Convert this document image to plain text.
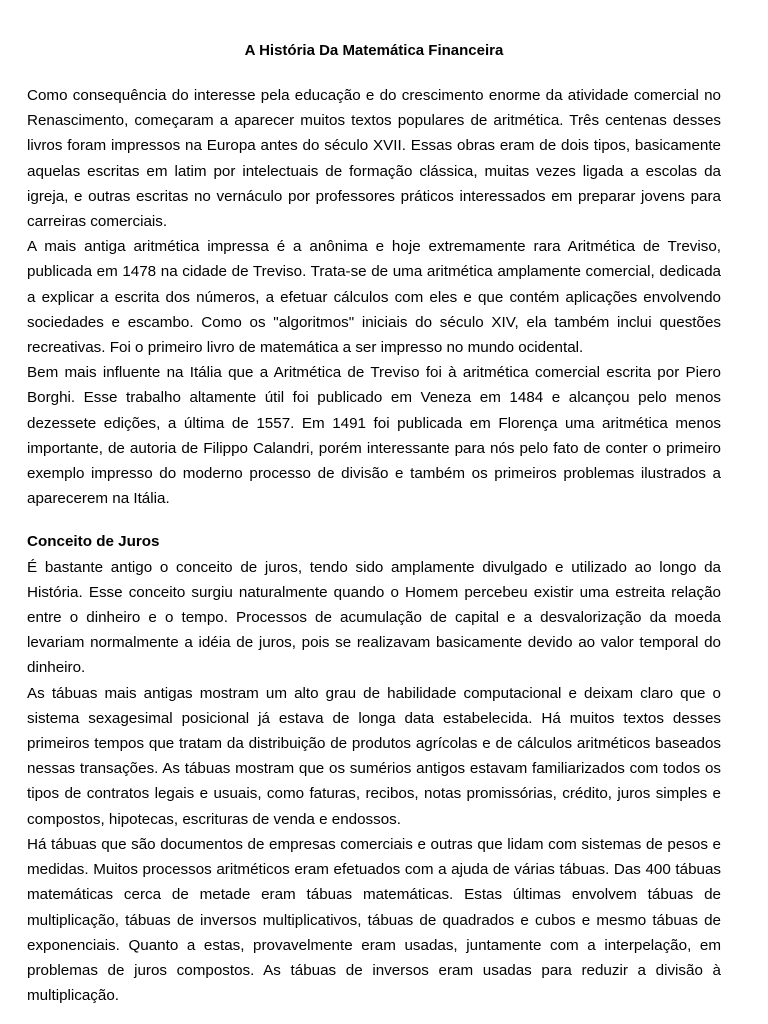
A História Da Matemática Financeira

Como consequência do interesse pela educação e do crescimento enorme da atividade comercial no Renascimento, começaram a aparecer muitos textos populares de aritmética. Três centenas desses livros foram impressos na Europa antes do século XVII. Essas obras eram de dois tipos, basicamente aquelas escritas em latim por intelectuais de formação clássica, muitas vezes ligada a escolas da igreja, e outras escritas no vernáculo por professores práticos interessados em preparar jovens para carreiras comerciais.

A mais antiga aritmética impressa é a anônima e hoje extremamente rara Aritmética de Treviso, publicada em 1478 na cidade de Treviso. Trata-se de uma aritmética amplamente comercial, dedicada a explicar a escrita dos números, a efetuar cálculos com eles e que contém aplicações envolvendo sociedades e escambo. Como os "algoritmos" iniciais do século XIV, ela também inclui questões recreativas. Foi o primeiro livro de matemática a ser impresso no mundo ocidental.

Bem mais influente na Itália que a Aritmética de Treviso foi à aritmética comercial escrita por Piero Borghi. Esse trabalho altamente útil foi publicado em Veneza em 1484 e alcançou pelo menos dezessete edições, a última de 1557. Em 1491 foi publicada em Florença uma aritmética menos importante, de autoria de Filippo Calandri, porém interessante para nós pelo fato de conter o primeiro exemplo impresso do moderno processo de divisão e também os primeiros problemas ilustrados a aparecerem na Itália.

Conceito de Juros

É bastante antigo o conceito de juros, tendo sido amplamente divulgado e utilizado ao longo da História. Esse conceito surgiu naturalmente quando o Homem percebeu existir uma estreita relação entre o dinheiro e o tempo. Processos de acumulação de capital e a desvalorização da moeda levariam normalmente a idéia de juros, pois se realizavam basicamente devido ao valor temporal do dinheiro.

As tábuas mais antigas mostram um alto grau de habilidade computacional e deixam claro que o sistema sexagesimal posicional já estava de longa data estabelecida. Há muitos textos desses primeiros tempos que tratam da distribuição de produtos agrícolas e de cálculos aritméticos baseados nessas transações. As tábuas mostram que os sumérios antigos estavam familiarizados com todos os tipos de contratos legais e usuais, como faturas, recibos, notas promissórias, crédito, juros simples e compostos, hipotecas, escrituras de venda e endossos.

Há tábuas que são documentos de empresas comerciais e outras que lidam com sistemas de pesos e medidas. Muitos processos aritméticos eram efetuados com a ajuda de várias tábuas. Das 400 tábuas matemáticas cerca de metade eram tábuas matemáticas. Estas últimas envolvem tábuas de multiplicação, tábuas de inversos multiplicativos, tábuas de quadrados e cubos e mesmo tábuas de exponenciais. Quanto a estas, provavelmente eram usadas, juntamente com a interpelação, em problemas de juros compostos. As tábuas de inversos eram usadas para reduzir a divisão à multiplicação.
